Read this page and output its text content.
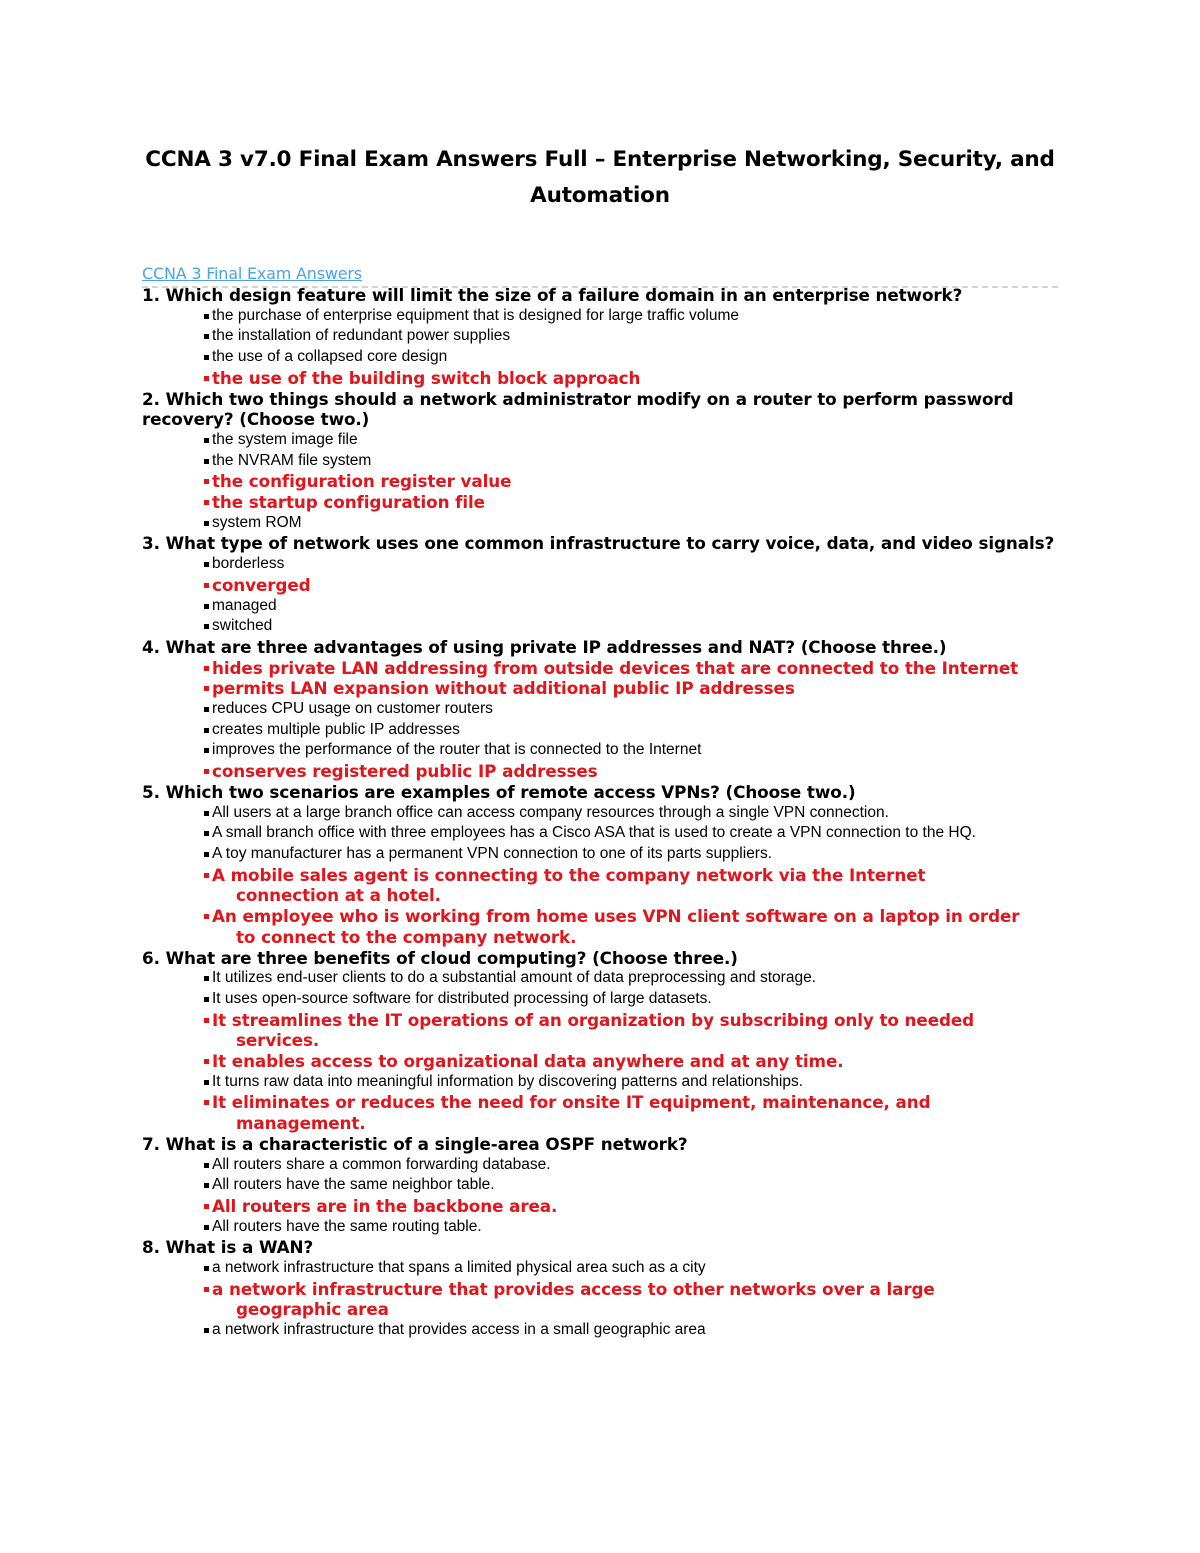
CCNA 3 v7.0 Final Exam Answers Full – Enterprise Networking, Security, and
Automation
CCNA 3 Final Exam Answers
1. Which design feature will limit the size of a failure domain in an enterprise network?
the purchase of enterprise equipment that is designed for large traffic volume
the installation of redundant power supplies
the use of a collapsed core design
the use of the building switch block approach
2. Which two things should a network administrator modify on a router to perform password recovery? (Choose two.)
the system image file
the NVRAM file system
the configuration register value
the startup configuration file
system ROM
3. What type of network uses one common infrastructure to carry voice, data, and video signals?
borderless
converged
managed
switched
4. What are three advantages of using private IP addresses and NAT? (Choose three.)
hides private LAN addressing from outside devices that are connected to the Internet
permits LAN expansion without additional public IP addresses
reduces CPU usage on customer routers
creates multiple public IP addresses
improves the performance of the router that is connected to the Internet
conserves registered public IP addresses
5. Which two scenarios are examples of remote access VPNs? (Choose two.)
All users at a large branch office can access company resources through a single VPN connection.
A small branch office with three employees has a Cisco ASA that is used to create a VPN connection to the HQ.
A toy manufacturer has a permanent VPN connection to one of its parts suppliers.
A mobile sales agent is connecting to the company network via the Internet connection at a hotel.
An employee who is working from home uses VPN client software on a laptop in order to connect to the company network.
6. What are three benefits of cloud computing? (Choose three.)
It utilizes end-user clients to do a substantial amount of data preprocessing and storage.
It uses open-source software for distributed processing of large datasets.
It streamlines the IT operations of an organization by subscribing only to needed services.
It enables access to organizational data anywhere and at any time.
It turns raw data into meaningful information by discovering patterns and relationships.
It eliminates or reduces the need for onsite IT equipment, maintenance, and management.
7. What is a characteristic of a single-area OSPF network?
All routers share a common forwarding database.
All routers have the same neighbor table.
All routers are in the backbone area.
All routers have the same routing table.
8. What is a WAN?
a network infrastructure that spans a limited physical area such as a city
a network infrastructure that provides access to other networks over a large geographic area
a network infrastructure that provides access in a small geographic area
